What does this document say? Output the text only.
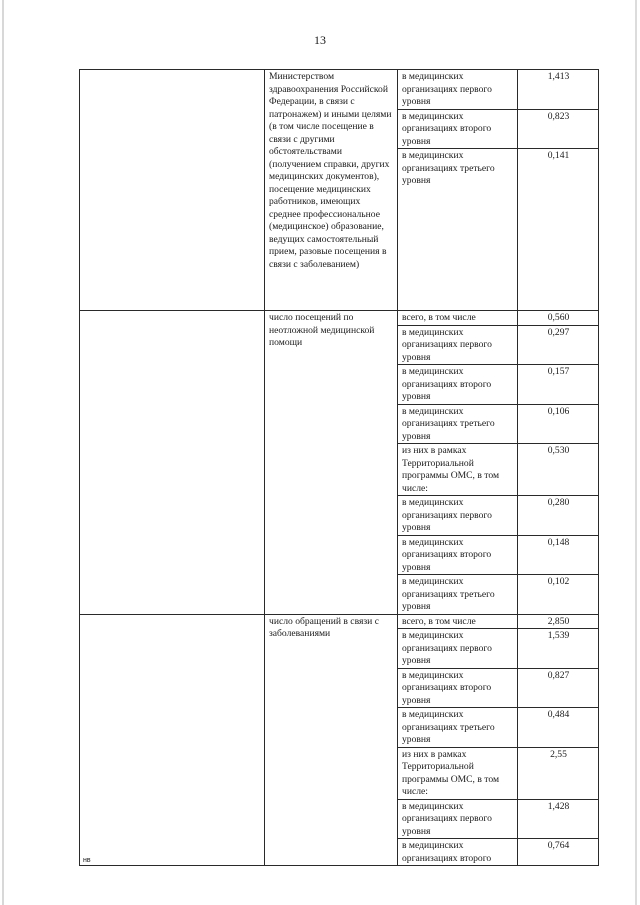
13
	Министерством здравоохранения Российской Федерации, в связи с патронажем) и иными целями (в том числе посещение в связи с другими обстоятельствами (получением справки, других медицинских документов), посещение медицинских работников, имеющих среднее профессиональное (медицинское) образование, ведущих самостоятельный прием, разовые посещения в связи с заболеванием)	в медицинских организациях первого уровня	1,413
		в медицинских организациях второго уровня	0,823
		в медицинских организациях третьего уровня	0,141
	число посещений по неотложной медицинской помощи	всего, в том числе	0,560
		в медицинских организациях первого уровня	0,297
		в медицинских организациях второго уровня	0,157
		в медицинских организациях третьего уровня	0,106
		из них в рамках Территориальной программы ОМС, в том числе:	0,530
		в медицинских организациях первого уровня	0,280
		в медицинских организациях второго уровня	0,148
		в медицинских организациях третьего уровня	0,102
	число обращений в связи с заболеваниями	всего, в том числе	2,850
		в медицинских организациях первого уровня	1,539
		в медицинских организациях второго уровня	0,827
		в медицинских организациях третьего уровня	0,484
		из них в рамках Территориальной программы ОМС, в том числе:	2,55
		в медицинских организациях первого уровня	1,428
		в медицинских организациях второго	0,764
нв
